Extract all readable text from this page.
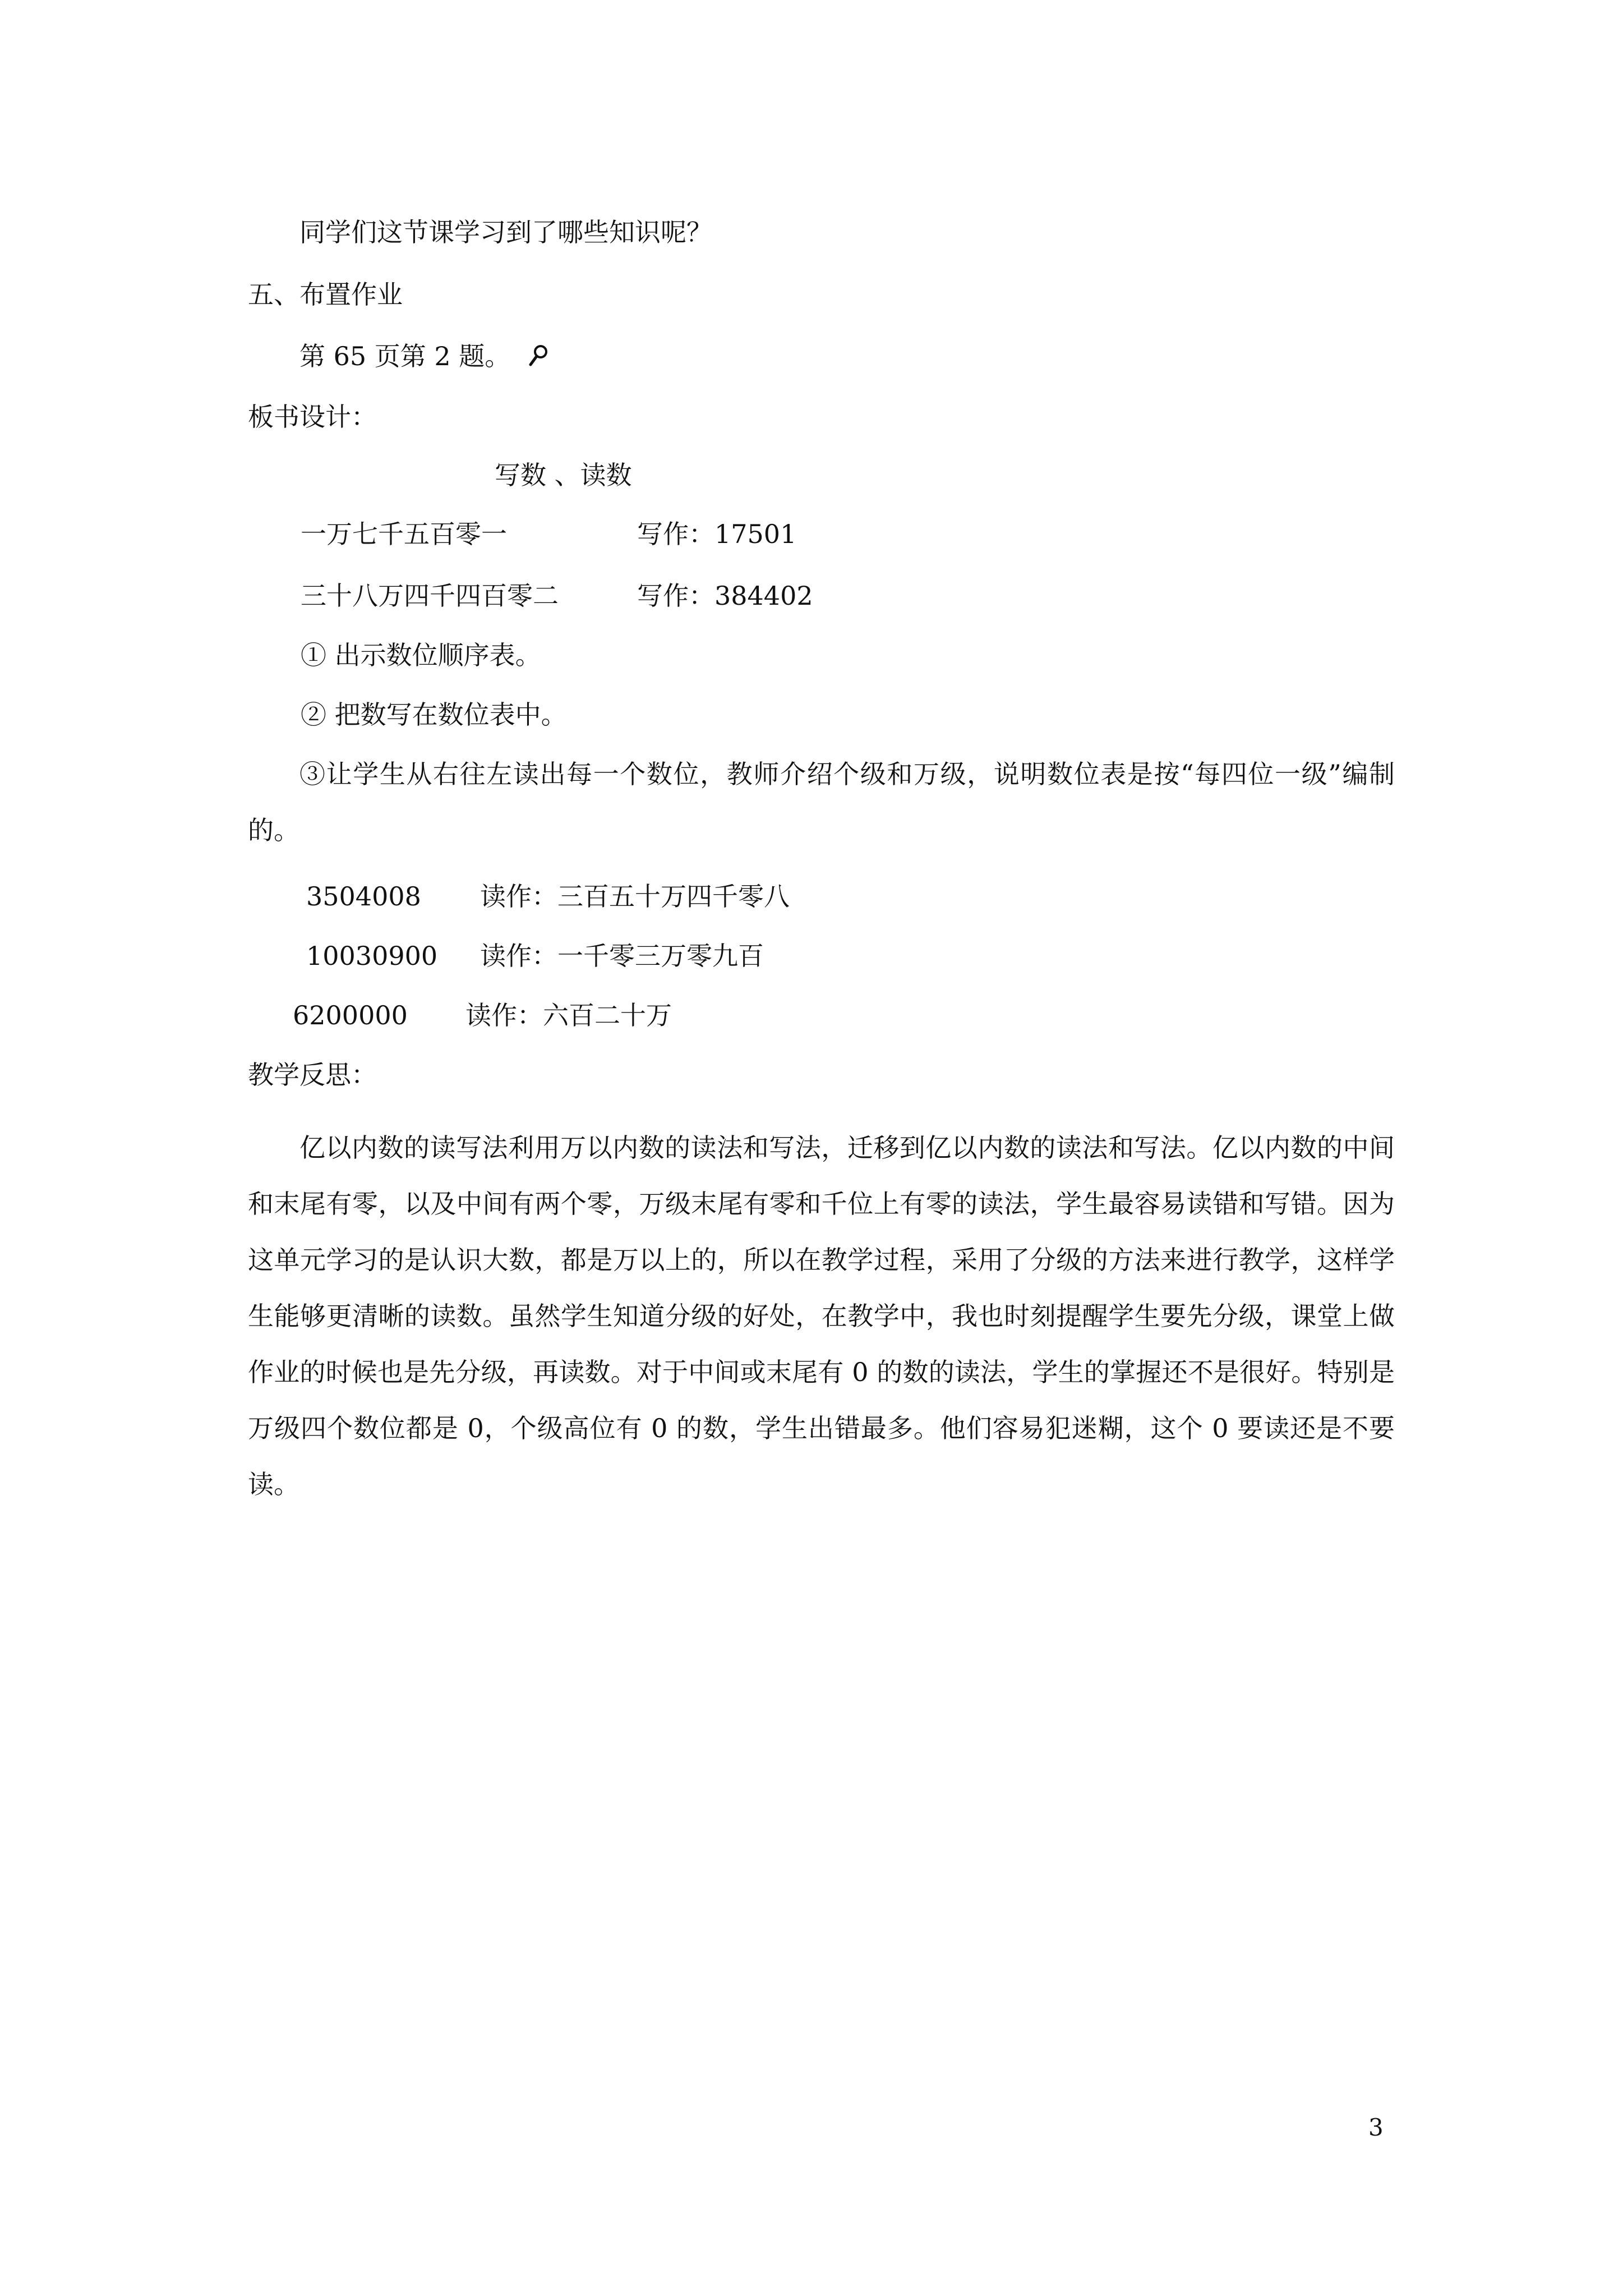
同学们这节课学习到了哪些知识呢？
五、布置作业
第 65 页第 2 题。
板书设计：
写数 、读数
一万七千五百零一	写作：17501
三十八万四千四百零二	写作：384402
① 出示数位顺序表。
② 把数写在数位表中。
③让学生从右往左读出每一个数位，教师介绍个级和万级，说明数位表是按“每四位一级”编制的。
3504008 读作：三百五十万四千零八
10030900 读作：一千零三万零九百
6200000 读作：六百二十万
教学反思：
亿以内数的读写法利用万以内数的读法和写法，迁移到亿以内数的读法和写法。亿以内数的中间和末尾有零，以及中间有两个零，万级末尾有零和千位上有零的读法，学生最容易读错和写错。因为这单元学习的是认识大数，都是万以上的，所以在教学过程，采用了分级的方法来进行教学，这样学生能够更清晰的读数。虽然学生知道分级的好处，在教学中，我也时刻提醒学生要先分级，课堂上做作业的时候也是先分级，再读数。对于中间或末尾有 0 的数的读法，学生的掌握还不是很好。特别是万级四个数位都是 0，个级高位有 0 的数，学生出错最多。他们容易犯迷糊，这个 0 要读还是不要读。
3
